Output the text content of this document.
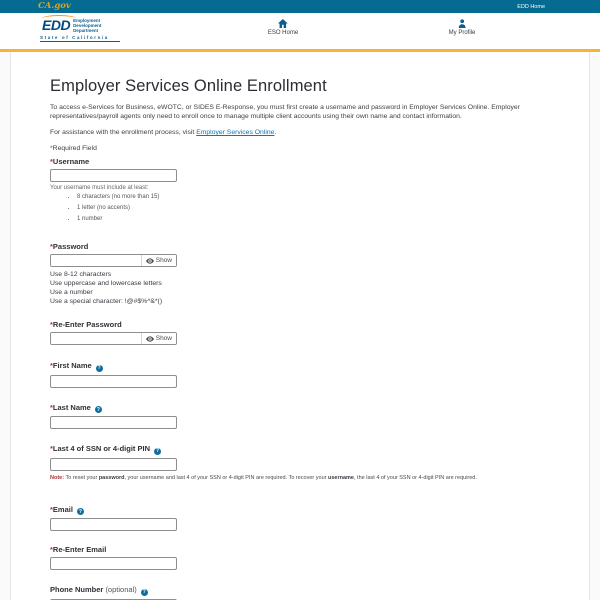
CA.gov	EDD Home
EDD Employment
Development
Department
State of California
ESO Home	My Profile
Employer Services Online Enrollment

To access e-Services for Business, eWOTC, or SIDES E-Response, you must first create a username and password in Employer Services Online. Employer representatives/payroll agents only need to enroll once to manage multiple client accounts using their own name and contact information.

For assistance with the enrollment process, visit Employer Services Online.

*Required Field

*Username
Your username must include at least:
• 8 characters (no more than 15)
• 1 letter (no accents)
• 1 number
*Password
Show
Use 8-12 characters
Use uppercase and lowercase letters
Use a number
Use a special character: !@#$%^&*()
*Re-Enter Password
Show
*First Name ?
*Last Name ?
*Last 4 of SSN or 4-digit PIN ?
Note: To reset your password, your username and last 4 of your SSN or 4-digit PIN are required. To recover your username, the last 4 of your SSN or 4-digit PIN are required.
*Email ?
*Re-Enter Email
Phone Number (optional) ?
